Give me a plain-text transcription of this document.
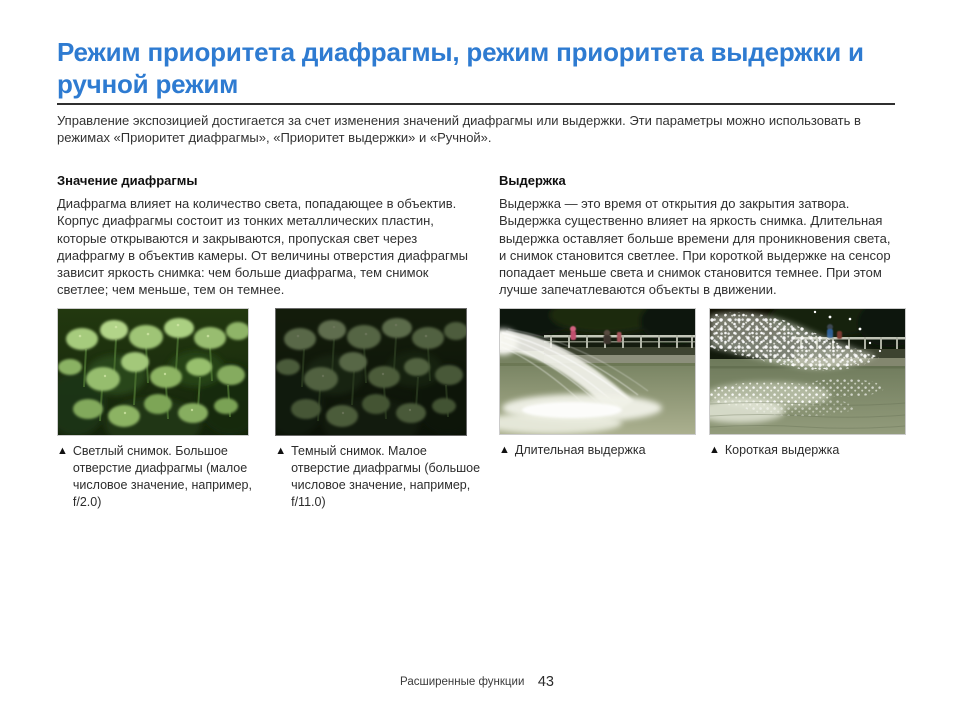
Режим приоритета диафрагмы, режим приоритета выдержки и ручной режим

Управление экспозицией достигается за счет изменения значений диафрагмы или выдержки. Эти параметры можно использовать в режимах «Приоритет диафрагмы», «Приоритет выдержки» и «Ручной».

Значение диафрагмы

Диафрагма влияет на количество света, попадающее в объектив. Корпус диафрагмы состоит из тонких металлических пластин, которые открываются и закрываются, пропуская свет через диафрагму в объектив камеры. От величины отверстия диафрагмы зависит яркость снимка: чем больше диафрагма, тем снимок светлее; чем меньше, тем он темнее.

▲ Светлый снимок. Большое отверстие диафрагмы (малое числовое значение, например, f/2.0)
▲ Темный снимок. Малое отверстие диафрагмы (большое числовое значение, например, f/11.0)
Выдержка

Выдержка — это время от открытия до закрытия затвора. Выдержка существенно влияет на яркость снимка. Длительная выдержка оставляет больше времени для проникновения света, и снимок становится светлее. При короткой выдержке на сенсор попадает меньше света и снимок становится темнее. При этом лучше запечатлеваются объекты в движении.

▲ Длительная выдержка	▲ Короткая выдержка
Расширенные функции 43
